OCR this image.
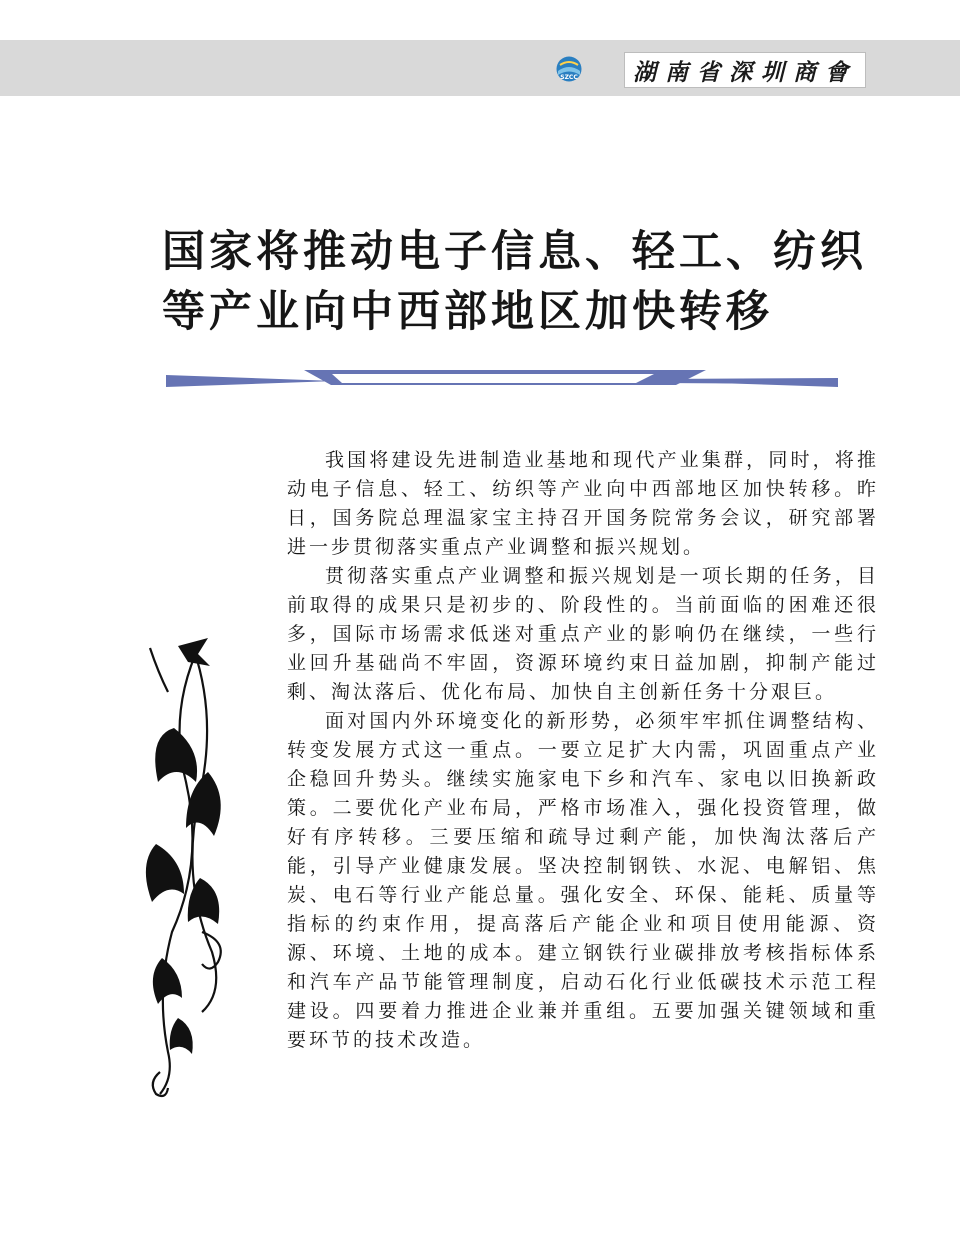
SZCC	湖南省深圳商會
国家将推动电子信息、轻工、纺织等产业向中西部地区加快转移

我国将建设先进制造业基地和现代产业集群，同时，将推动电子信息、轻工、纺织等产业向中西部地区加快转移。昨日，国务院总理温家宝主持召开国务院常务会议，研究部署进一步贯彻落实重点产业调整和振兴规划。

贯彻落实重点产业调整和振兴规划是一项长期的任务，目前取得的成果只是初步的、阶段性的。当前面临的困难还很多，国际市场需求低迷对重点产业的影响仍在继续，一些行业回升基础尚不牢固，资源环境约束日益加剧，抑制产能过剩、淘汰落后、优化布局、加快自主创新任务十分艰巨。

面对国内外环境变化的新形势，必须牢牢抓住调整结构、转变发展方式这一重点。一要立足扩大内需，巩固重点产业企稳回升势头。继续实施家电下乡和汽车、家电以旧换新政策。二要优化产业布局，严格市场准入，强化投资管理，做好有序转移。三要压缩和疏导过剩产能，加快淘汰落后产能，引导产业健康发展。坚决控制钢铁、水泥、电解铝、焦炭、电石等行业产能总量。强化安全、环保、能耗、质量等指标的约束作用，提高落后产能企业和项目使用能源、资源、环境、土地的成本。建立钢铁行业碳排放考核指标体系和汽车产品节能管理制度，启动石化行业低碳技术示范工程建设。四要着力推进企业兼并重组。五要加强关键领域和重要环节的技术改造。
